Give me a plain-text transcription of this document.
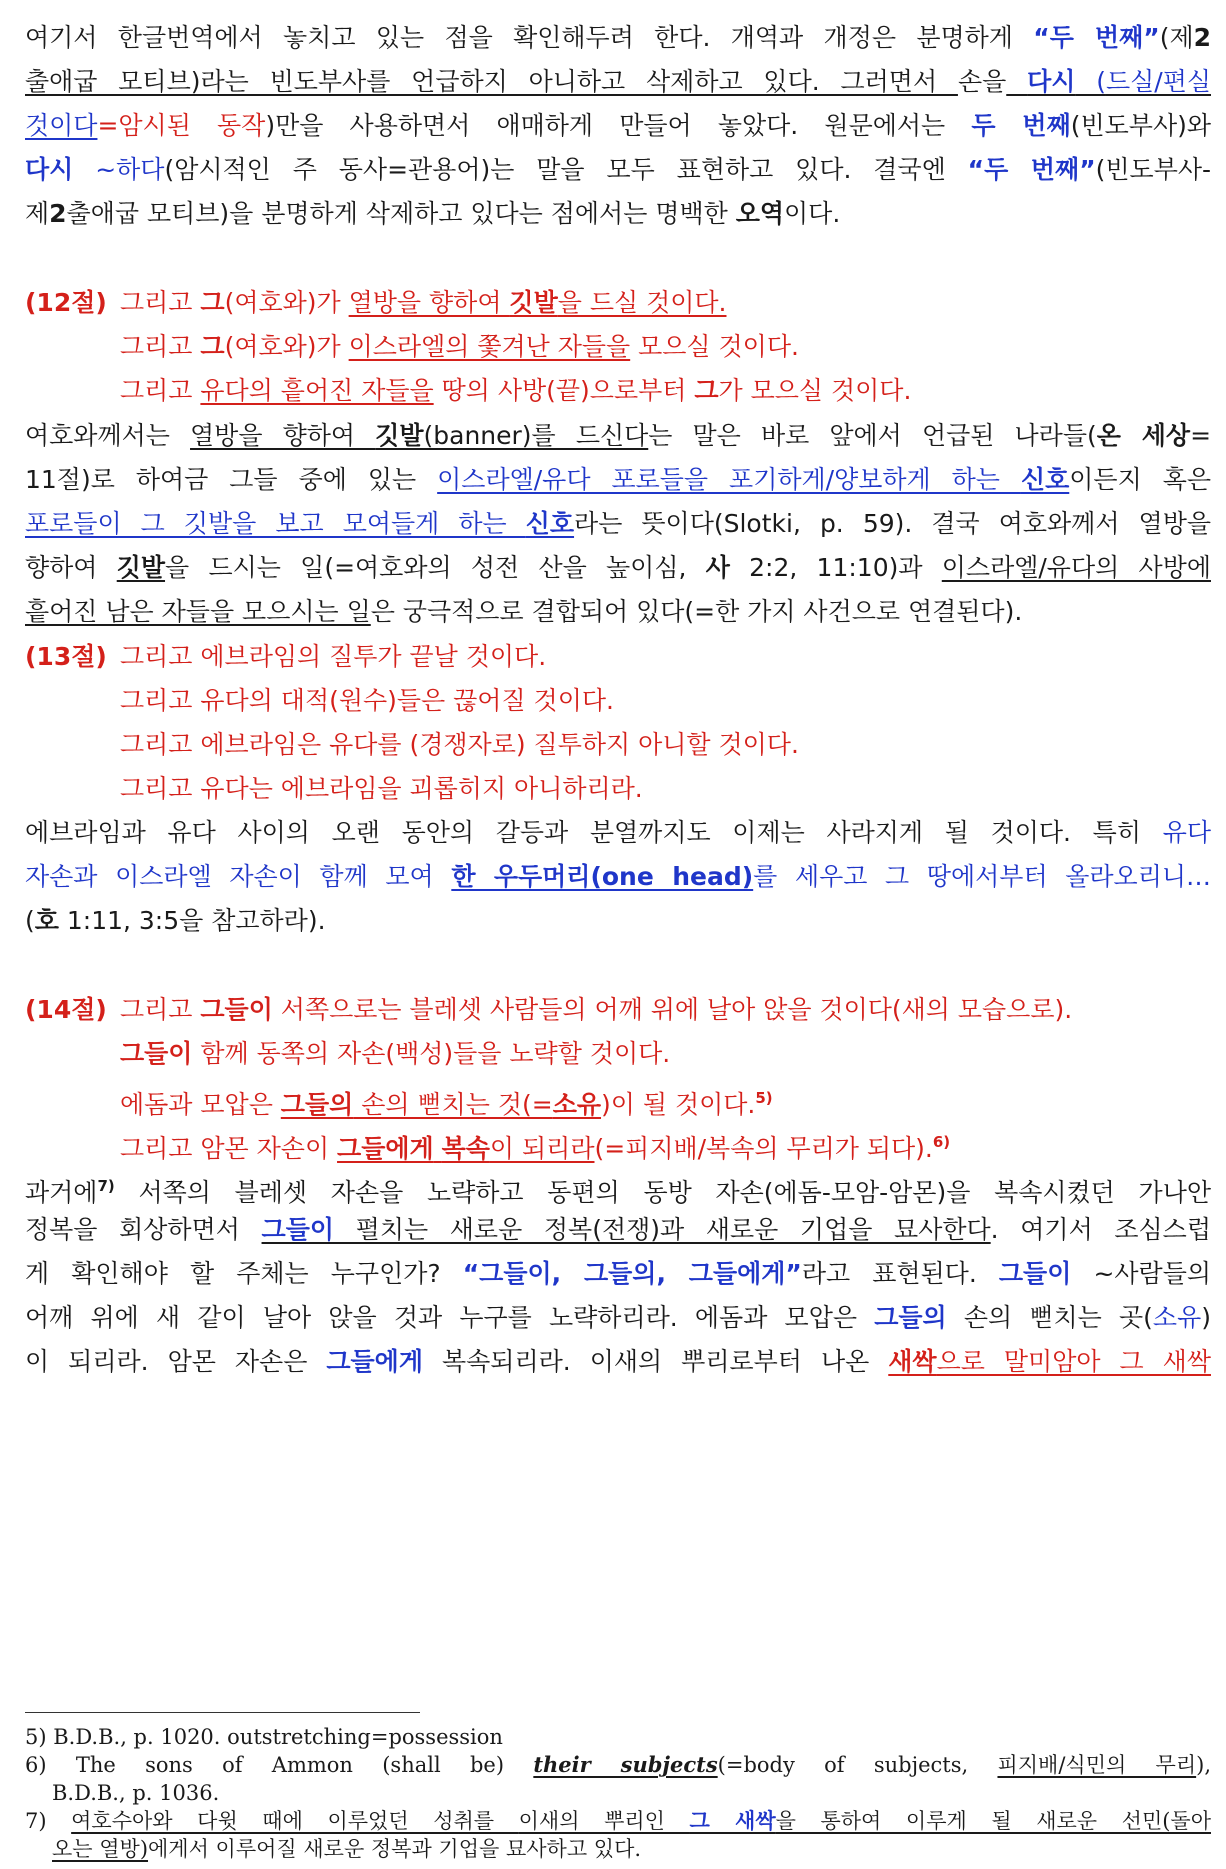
여기서 한글번역에서 놓치고 있는 점을 확인해두려 한다. 개역과 개정은 분명하게 “두 번째”(제2
출애굽 모티브)라는 빈도부사를 언급하지 아니하고 삭제하고 있다. 그러면서 손을 다시 (드실/편실
것이다=암시된 동작)만을 사용하면서 애매하게 만들어 놓았다. 원문에서는 두 번째(빈도부사)와
다시 ~하다(암시적인 주 동사=관용어)는 말을 모두 표현하고 있다. 결국엔 “두 번째”(빈도부사-
제2출애굽 모티브)을 분명하게 삭제하고 있다는 점에서는 명백한 오역이다.
(12절) 그리고 그(여호와)가 열방을 향하여 깃발을 드실 것이다.
그리고 그(여호와)가 이스라엘의 쫓겨난 자들을 모으실 것이다.
그리고 유다의 흩어진 자들을 땅의 사방(끝)으로부터 그가 모으실 것이다.
여호와께서는 열방을 향하여 깃발(banner)를 드신다는 말은 바로 앞에서 언급된 나라들(온 세상=
11절)로 하여금 그들 중에 있는 이스라엘/유다 포로들을 포기하게/양보하게 하는 신호이든지 혹은
포로들이 그 깃발을 보고 모여들게 하는 신호라는 뜻이다(Slotki, p. 59). 결국 여호와께서 열방을
향하여 깃발을 드시는 일(=여호와의 성전 산을 높이심, 사 2:2, 11:10)과 이스라엘/유다의 사방에
흩어진 남은 자들을 모으시는 일은 궁극적으로 결합되어 있다(=한 가지 사건으로 연결된다).
(13절) 그리고 에브라임의 질투가 끝날 것이다.
그리고 유다의 대적(원수)들은 끊어질 것이다.
그리고 에브라임은 유다를 (경쟁자로) 질투하지 아니할 것이다.
그리고 유다는 에브라임을 괴롭히지 아니하리라.
에브라임과 유다 사이의 오랜 동안의 갈등과 분열까지도 이제는 사라지게 될 것이다. 특히 유다
자손과 이스라엘 자손이 함께 모여 한 우두머리(one head)를 세우고 그 땅에서부터 올라오리니…
(호 1:11, 3:5을 참고하라).
(14절) 그리고 그들이 서쪽으로는 블레셋 사람들의 어깨 위에 날아 앉을 것이다(새의 모습으로).
그들이 함께 동쪽의 자손(백성)들을 노략할 것이다.
에돔과 모압은 그들의 손의 뻗치는 것(=소유)이 될 것이다.$^{5)}$
그리고 암몬 자손이 그들에게 복속이 되리라(=피지배/복속의 무리가 되다).$^{6)}$
과거에$^{7)}$ 서쪽의 블레셋 자손을 노략하고 동편의 동방 자손(에돔-모암-암몬)을 복속시켰던 가나안
정복을 회상하면서 그들이 펼치는 새로운 정복(전쟁)과 새로운 기업을 묘사한다. 여기서 조심스럽
게 확인해야 할 주체는 누구인가? “그들이, 그들의, 그들에게”라고 표현된다. 그들이 ~사람들의
어깨 위에 새 같이 날아 앉을 것과 누구를 노략하리라. 에돔과 모압은 그들의 손의 뻗치는 곳(소유)
이 되리라. 암몬 자손은 그들에게 복속되리라. 이새의 뿌리로부터 나온 새싹으로 말미암아 그 새싹
5) B.D.B., p. 1020. outstretching=possession
6) The sons of Ammon (shall be) their subjects(=body of subjects, 피지배/식민의 무리),
B.D.B., p. 1036.
7) 여호수아와 다윗 때에 이루었던 성취를 이새의 뿌리인 그 새싹을 통하여 이루게 될 새로운 선민(돌아
오는 열방)에게서 이루어질 새로운 정복과 기업을 묘사하고 있다.
